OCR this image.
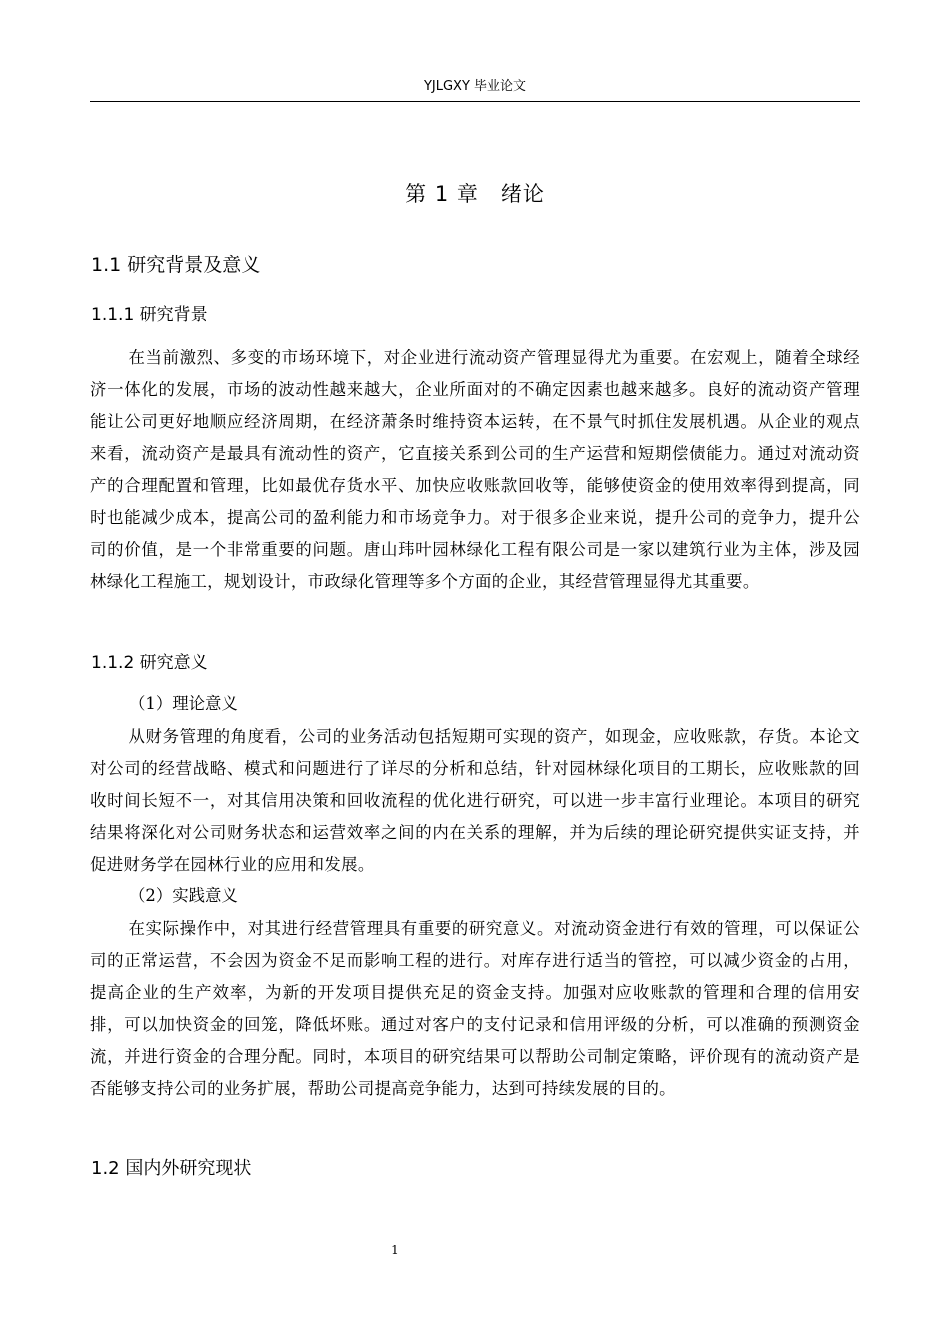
YJLGXY 毕业论文
第 1 章　绪论
1.1 研究背景及意义
1.1.1 研究背景
在当前激烈、多变的市场环境下，对企业进行流动资产管理显得尤为重要。在宏观上，随着全球经济一体化的发展，市场的波动性越来越大，企业所面对的不确定因素也越来越多。良好的流动资产管理能让公司更好地顺应经济周期，在经济萧条时维持资本运转，在不景气时抓住发展机遇。从企业的观点来看，流动资产是最具有流动性的资产，它直接关系到公司的生产运营和短期偿债能力。通过对流动资产的合理配置和管理，比如最优存货水平、加快应收账款回收等，能够使资金的使用效率得到提高，同时也能减少成本，提高公司的盈利能力和市场竞争力。对于很多企业来说，提升公司的竞争力，提升公司的价值，是一个非常重要的问题。唐山玮叶园林绿化工程有限公司是一家以建筑行业为主体，涉及园林绿化工程施工，规划设计，市政绿化管理等多个方面的企业，其经营管理显得尤其重要。
1.1.2 研究意义
（1）理论意义
从财务管理的角度看，公司的业务活动包括短期可实现的资产，如现金，应收账款，存货。本论文对公司的经营战略、模式和问题进行了详尽的分析和总结，针对园林绿化项目的工期长，应收账款的回收时间长短不一，对其信用决策和回收流程的优化进行研究，可以进一步丰富行业理论。本项目的研究结果将深化对公司财务状态和运营效率之间的内在关系的理解，并为后续的理论研究提供实证支持，并促进财务学在园林行业的应用和发展。
（2）实践意义
在实际操作中，对其进行经营管理具有重要的研究意义。对流动资金进行有效的管理，可以保证公司的正常运营，不会因为资金不足而影响工程的进行。对库存进行适当的管控，可以减少资金的占用，提高企业的生产效率，为新的开发项目提供充足的资金支持。加强对应收账款的管理和合理的信用安排，可以加快资金的回笼，降低坏账。通过对客户的支付记录和信用评级的分析，可以准确的预测资金流，并进行资金的合理分配。同时，本项目的研究结果可以帮助公司制定策略，评价现有的流动资产是否能够支持公司的业务扩展，帮助公司提高竞争能力，达到可持续发展的目的。
1.2 国内外研究现状
1
